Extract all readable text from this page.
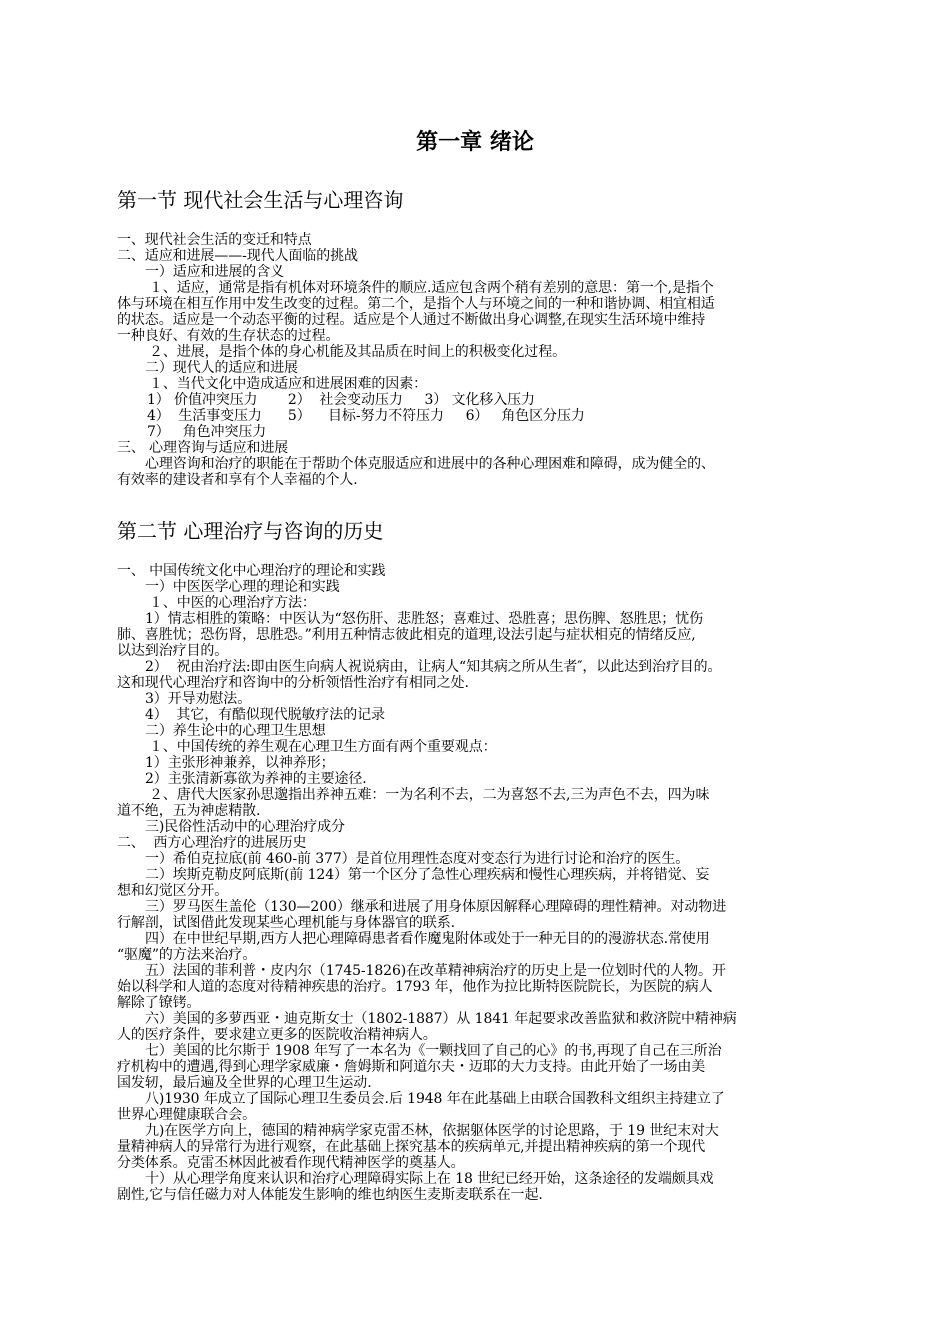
第一章 绪论
第一节 现代社会生活与心理咨询
一、现代社会生活的变迁和特点
二、适应和进展——-现代人面临的挑战
一）适应和进展的含义
１、适应，通常是指有机体对环境条件的顺应.适应包含两个稍有差别的意思：第一个,是指个
体与环境在相互作用中发生改变的过程。第二个，是指个人与环境之间的一种和谐协调、相宜相适
的状态。适应是一个动态平衡的过程。适应是个人通过不断做出身心调整,在现实生活环境中维持
一种良好、有效的生存状态的过程。
２、进展，是指个体的身心机能及其品质在时间上的积极变化过程。
二）现代人的适应和进展
１、当代文化中造成适应和进展困难的因素：
1） 价值冲突压力       2）  社会变动压力     3） 文化移入压力
4）  生活事变压力      5）    目标-努力不符压力     6）   角色区分压力
7）   角色冲突压力
三、 心理咨询与适应和进展
心理咨询和治疗的职能在于帮助个体克服适应和进展中的各种心理困难和障碍，成为健全的、
有效率的建设者和享有个人幸福的个人.
第二节 心理治疗与咨询的历史
一、 中国传统文化中心理治疗的理论和实践
一）中医医学心理的理论和实践
１、中医的心理治疗方法：
1）情志相胜的策略：中医认为“怒伤肝、悲胜怒；喜难过、恐胜喜；思伤脾、怒胜思；忧伤
肺、喜胜忧；恐伤肾，思胜恐。”利用五种情志彼此相克的道理,设法引起与症状相克的情绪反应,
以达到治疗目的。
2）  祝由治疗法:即由医生向病人祝说病由，让病人“知其病之所从生者″，以此达到治疗目的。
这和现代心理治疗和咨询中的分析领悟性治疗有相同之处.
3）开导劝慰法。
4）  其它，有酷似现代脱敏疗法的记录
二）养生论中的心理卫生思想
１、中国传统的养生观在心理卫生方面有两个重要观点：
1）主张形神兼养，以神养形；
2）主张清新寡欲为养神的主要途径.
２、唐代大医家孙思邈指出养神五难：一为名利不去，二为喜怒不去,三为声色不去，四为味
道不绝，五为神虑精散.
三)民俗性活动中的心理治疗成分
二、  西方心理治疗的进展历史
一）希伯克拉底(前 460-前 377）是首位用理性态度对变态行为进行讨论和治疗的医生。
二）埃斯克勒皮阿底斯(前 124）第一个区分了急性心理疾病和慢性心理疾病，并将错觉、妄
想和幻觉区分开。
三）罗马医生盖伦（130—200）继承和进展了用身体原因解释心理障碍的理性精神。对动物进
行解剖，试图借此发现某些心理机能与身体器官的联系.
四）在中世纪早期,西方人把心理障碍患者看作魔鬼附体或处于一种无目的的漫游状态.常使用
“驱魔”的方法来治疗。
五）法国的菲利普・皮内尔（1745-1826)在改革精神病治疗的历史上是一位划时代的人物。开
始以科学和人道的态度对待精神疾患的治疗。1793 年，他作为拉比斯特医院院长，为医院的病人
解除了镣铐。
六）美国的多萝西亚・迪克斯女士（1802-1887）从 1841 年起要求改善监狱和救济院中精神病
人的医疗条件，要求建立更多的医院收治精神病人。
七）美国的比尔斯于 1908 年写了一本名为《一颗找回了自己的心》的书,再现了自己在三所治
疗机构中的遭遇,得到心理学家威廉・詹姆斯和阿道尔夫・迈耶的大力支持。由此开始了一场由美
国发轫，最后遍及全世界的心理卫生运动.
八)1930 年成立了国际心理卫生委员会.后 1948 年在此基础上由联合国教科文组织主持建立了
世界心理健康联合会。
九)在医学方向上，德国的精神病学家克雷丕林，依据躯体医学的讨论思路，于 19 世纪末对大
量精神病人的异常行为进行观察，在此基础上探究基本的疾病单元,并提出精神疾病的第一个现代
分类体系。克雷丕林因此被看作现代精神医学的奠基人。
十）从心理学角度来认识和治疗心理障碍实际上在 18 世纪已经开始，这条途径的发端颇具戏
剧性,它与信任磁力对人体能发生影响的维也纳医生麦斯麦联系在一起.
